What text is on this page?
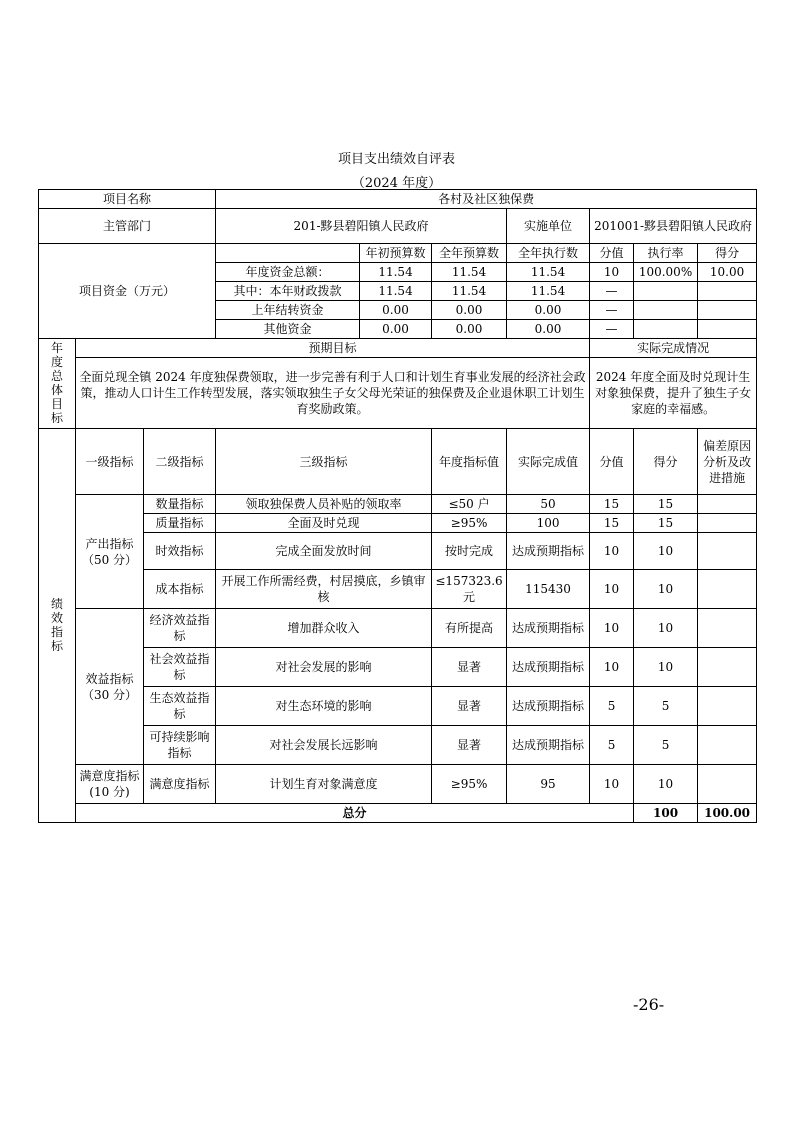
项目支出绩效自评表
（2024 年度）
项目名称			各村及社区独保费							
主管部门			201-黟县碧阳镇人民政府			实施单位	201001-黟县碧阳镇人民政府			
项目资金（万元）				年初预算数	全年预算数	全年执行数	分值	执行率	得分	
			年度资金总额：	11.54	11.54	11.54	10	100.00%	10.00	
			其中：本年财政拨款	11.54	11.54	11.54	—			
			上年结转资金	0.00	0.00	0.00	—			
			其他资金	0.00	0.00	0.00	—			
年度总体目标	预期目标						实际完成情况			
	全面兑现全镇 2024 年度独保费领取，进一步完善有利于人口和计划生育事业发展的经济社会政策，推动人口计生工作转型发展，落实领取独生子女父母光荣证的独保费及企业退休职工计划生育奖励政策。						2024 年度全面及时兑现计生对象独保费，提升了独生子女家庭的幸福感。			
绩效指标	一级指标	二级指标	三级指标		年度指标值	实际完成值	分值	得分	偏差原因分析及改进措施	
	产出指标（50 分）	数量指标	领取独保费人员补贴的领取率		≤50 户	50	15	15		
		质量指标	全面及时兑现		≥95%	100	15	15		
		时效指标	完成全面发放时间		按时完成	达成预期指标	10	10		
		成本指标	开展工作所需经费，村居摸底，乡镇审核		≤157323.6元	115430	10	10		
	效益指标（30 分）	经济效益指标	增加群众收入		有所提高	达成预期指标	10	10		
		社会效益指标	对社会发展的影响		显著	达成预期指标	10	10		
		生态效益指标	对生态环境的影响		显著	达成预期指标	5	5		
		可持续影响指标	对社会发展长远影响		显著	达成预期指标	5	5		
	满意度指标(10 分)	满意度指标	计划生育对象满意度		≥95%	95	10	10		
	总分							100	100.00	
-26-
